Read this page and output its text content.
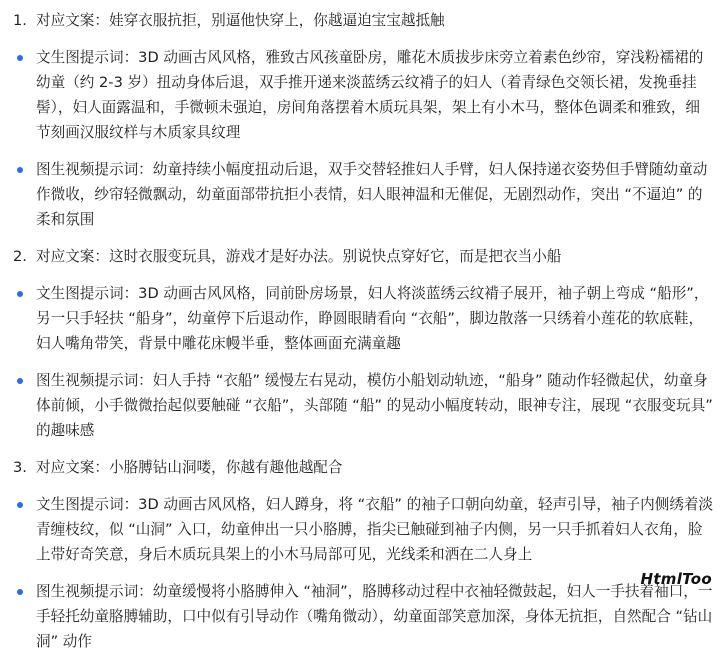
1. 对应文案：娃穿衣服抗拒，别逼他快穿上，你越逼迫宝宝越抵触
文生图提示词：3D 动画古风风格，雅致古风孩童卧房，雕花木质拔步床旁立着素色纱帘，穿浅粉襦裙的幼童（约 2-3 岁）扭动身体后退，双手推开递来淡蓝绣云纹褙子的妇人（着青绿色交领长裙，发挽垂挂髻），妇人面露温和，手微顿未强迫，房间角落摆着木质玩具架，架上有小木马，整体色调柔和雅致，细节刻画汉服纹样与木质家具纹理
图生视频提示词：幼童持续小幅度扭动后退，双手交替轻推妇人手臂，妇人保持递衣姿势但手臂随幼童动作微收，纱帘轻微飘动，幼童面部带抗拒小表情，妇人眼神温和无催促，无剧烈动作，突出 “不逼迫” 的柔和氛围
2. 对应文案：这时衣服变玩具，游戏才是好办法。别说快点穿好它，而是把衣当小船
文生图提示词：3D 动画古风风格，同前卧房场景，妇人将淡蓝绣云纹褙子展开，袖子朝上弯成 “船形”，另一只手轻扶 “船身”，幼童停下后退动作，睁圆眼睛看向 “衣船”，脚边散落一只绣着小莲花的软底鞋，妇人嘴角带笑，背景中雕花床幔半垂，整体画面充满童趣
图生视频提示词：妇人手持 “衣船” 缓慢左右晃动，模仿小船划动轨迹，“船身” 随动作轻微起伏，幼童身体前倾，小手微微抬起似要触碰 “衣船”，头部随 “船” 的晃动小幅度转动，眼神专注，展现 “衣服变玩具” 的趣味感
3. 对应文案：小胳膊钻山洞喽，你越有趣他越配合
文生图提示词：3D 动画古风风格，妇人蹲身，将 “衣船” 的袖子口朝向幼童，轻声引导，袖子内侧绣着淡青缠枝纹，似 “山洞” 入口，幼童伸出一只小胳膊，指尖已触碰到袖子内侧，另一只手抓着妇人衣角，脸上带好奇笑意，身后木质玩具架上的小木马局部可见，光线柔和洒在二人身上
图生视频提示词：幼童缓慢将小胳膊伸入 “袖洞”，胳膊移动过程中衣袖轻微鼓起，妇人一手扶着袖口，一手轻托幼童胳膊辅助，口中似有引导动作（嘴角微动），幼童面部笑意加深，身体无抗拒，自然配合 “钻山洞” 动作
HtmlToo
